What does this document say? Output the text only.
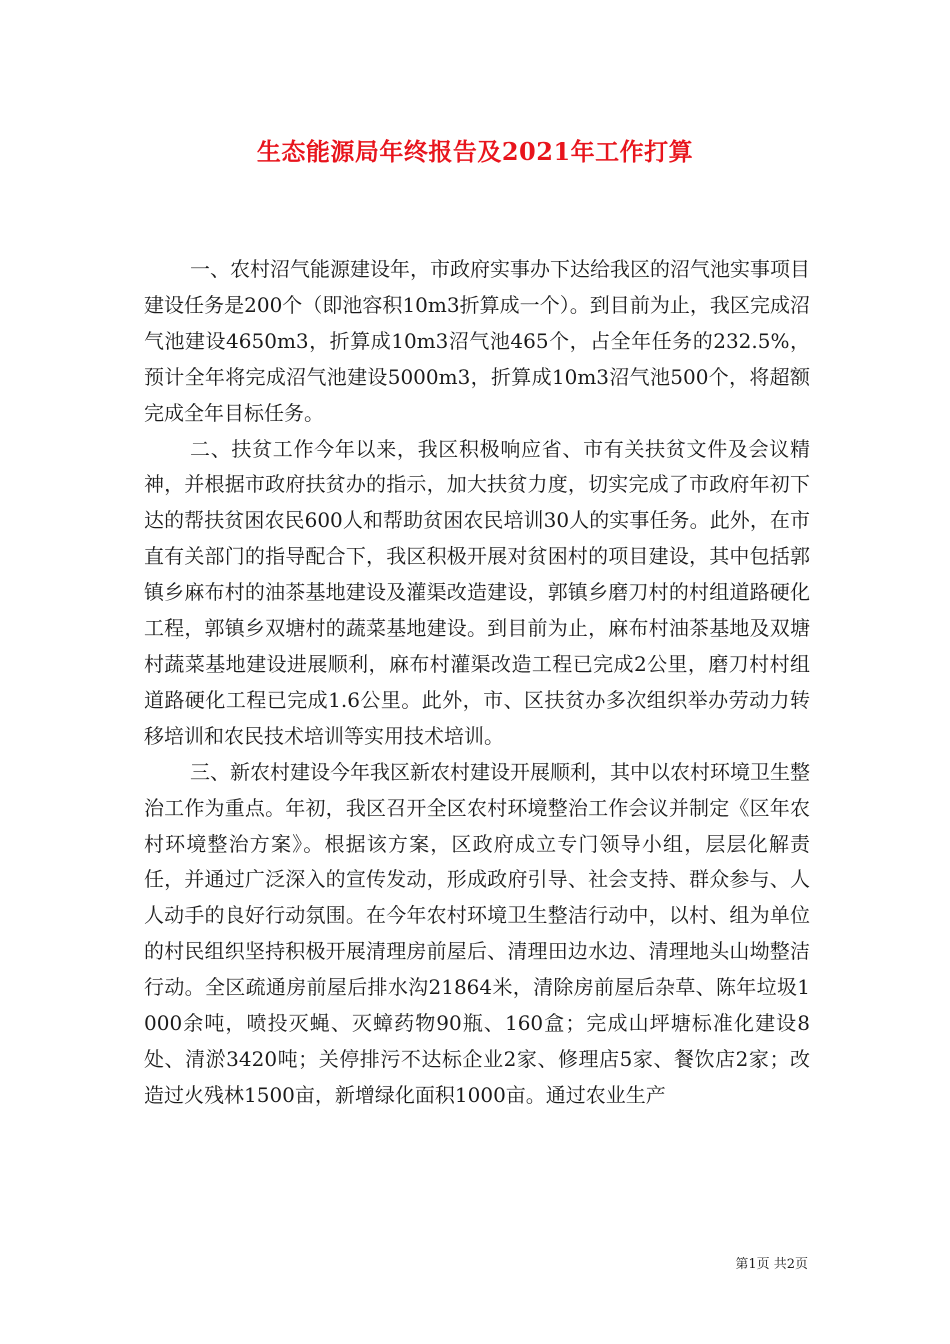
生态能源局年终报告及2021年工作打算

一、农村沼气能源建设年，市政府实事办下达给我区的沼气池实事项目建设任务是200个（即池容积10m3折算成一个）。到目前为止，我区完成沼气池建设4650m3，折算成10m3沼气池465个，占全年任务的232.5%，预计全年将完成沼气池建设5000m3，折算成10m3沼气池500个，将超额完成全年目标任务。

二、扶贫工作今年以来，我区积极响应省、市有关扶贫文件及会议精神，并根据市政府扶贫办的指示，加大扶贫力度，切实完成了市政府年初下达的帮扶贫困农民600人和帮助贫困农民培训30人的实事任务。此外，在市直有关部门的指导配合下，我区积极开展对贫困村的项目建设，其中包括郭镇乡麻布村的油茶基地建设及灌渠改造建设，郭镇乡磨刀村的村组道路硬化工程，郭镇乡双塘村的蔬菜基地建设。到目前为止，麻布村油茶基地及双塘村蔬菜基地建设进展顺利，麻布村灌渠改造工程已完成2公里，磨刀村村组道路硬化工程已完成1.6公里。此外，市、区扶贫办多次组织举办劳动力转移培训和农民技术培训等实用技术培训。

三、新农村建设今年我区新农村建设开展顺利，其中以农村环境卫生整治工作为重点。年初，我区召开全区农村环境整治工作会议并制定《区年农村环境整治方案》。根据该方案，区政府成立专门领导小组，层层化解责任，并通过广泛深入的宣传发动，形成政府引导、社会支持、群众参与、人人动手的良好行动氛围。在今年农村环境卫生整洁行动中，以村、组为单位的村民组织坚持积极开展清理房前屋后、清理田边水边、清理地头山坳整洁行动。全区疏通房前屋后排水沟21864米，清除房前屋后杂草、陈年垃圾1000余吨，喷投灭蝇、灭蟑药物90瓶、160盒；完成山坪塘标准化建设8处、清淤3420吨；关停排污不达标企业2家、修理店5家、餐饮店2家；改造过火残林1500亩，新增绿化面积1000亩。通过农业生产

第1页 共2页
